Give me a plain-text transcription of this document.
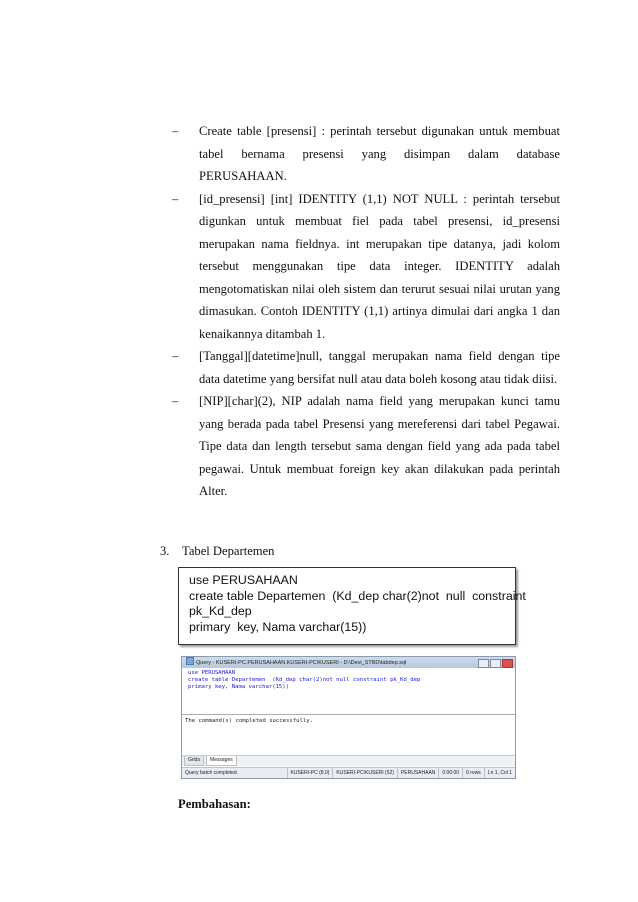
– Create table [presensi] : perintah tersebut digunakan untuk membuat tabel bernama presensi yang disimpan dalam database PERUSAHAAN.
– [id_presensi] [int] IDENTITY (1,1) NOT NULL : perintah tersebut digunkan untuk membuat fiel pada tabel presensi, id_presensi merupakan nama fieldnya. int merupakan tipe datanya, jadi kolom tersebut menggunakan tipe data integer. IDENTITY adalah mengotomatiskan nilai oleh sistem dan terurut sesuai nilai urutan yang dimasukan. Contoh IDENTITY (1,1) artinya dimulai dari angka 1 dan kenaikannya ditambah 1.
– [Tanggal][datetime]null, tanggal merupakan nama field dengan tipe data datetime yang bersifat null atau data boleh kosong atau tidak diisi.
– [NIP][char](2), NIP adalah nama field yang merupakan kunci tamu yang berada pada tabel Presensi yang mereferensi dari tabel Pegawai. Tipe data dan length tersebut sama dengan field yang ada pada tabel pegawai. Untuk membuat foreign key akan dilakukan pada perintah Alter.
3. Tabel Departemen
use PERUSAHAAN
create table Departemen  (Kd_dep char(2)not  null  constraint
pk_Kd_dep
primary  key, Nama varchar(15))
Query - KUSERI-PC.PERUSAHAAN.KUSERI-PC\KUSERI - D:\Devi_STBD\tabdep.sql
use PERUSAHAAN
create table Departemen  (Kd_dep char(2)not null constraint pk_Kd_dep
primary key, Nama varchar(15))
The command(s) completed successfully.
Grids	Messages
Query batch completed.	KUSERI-PC (8.0)	KUSERI-PC\KUSERI (52)	PERUSAHAAN	0:00:00	0 rows	Ln 1, Col 1
Pembahasan:
